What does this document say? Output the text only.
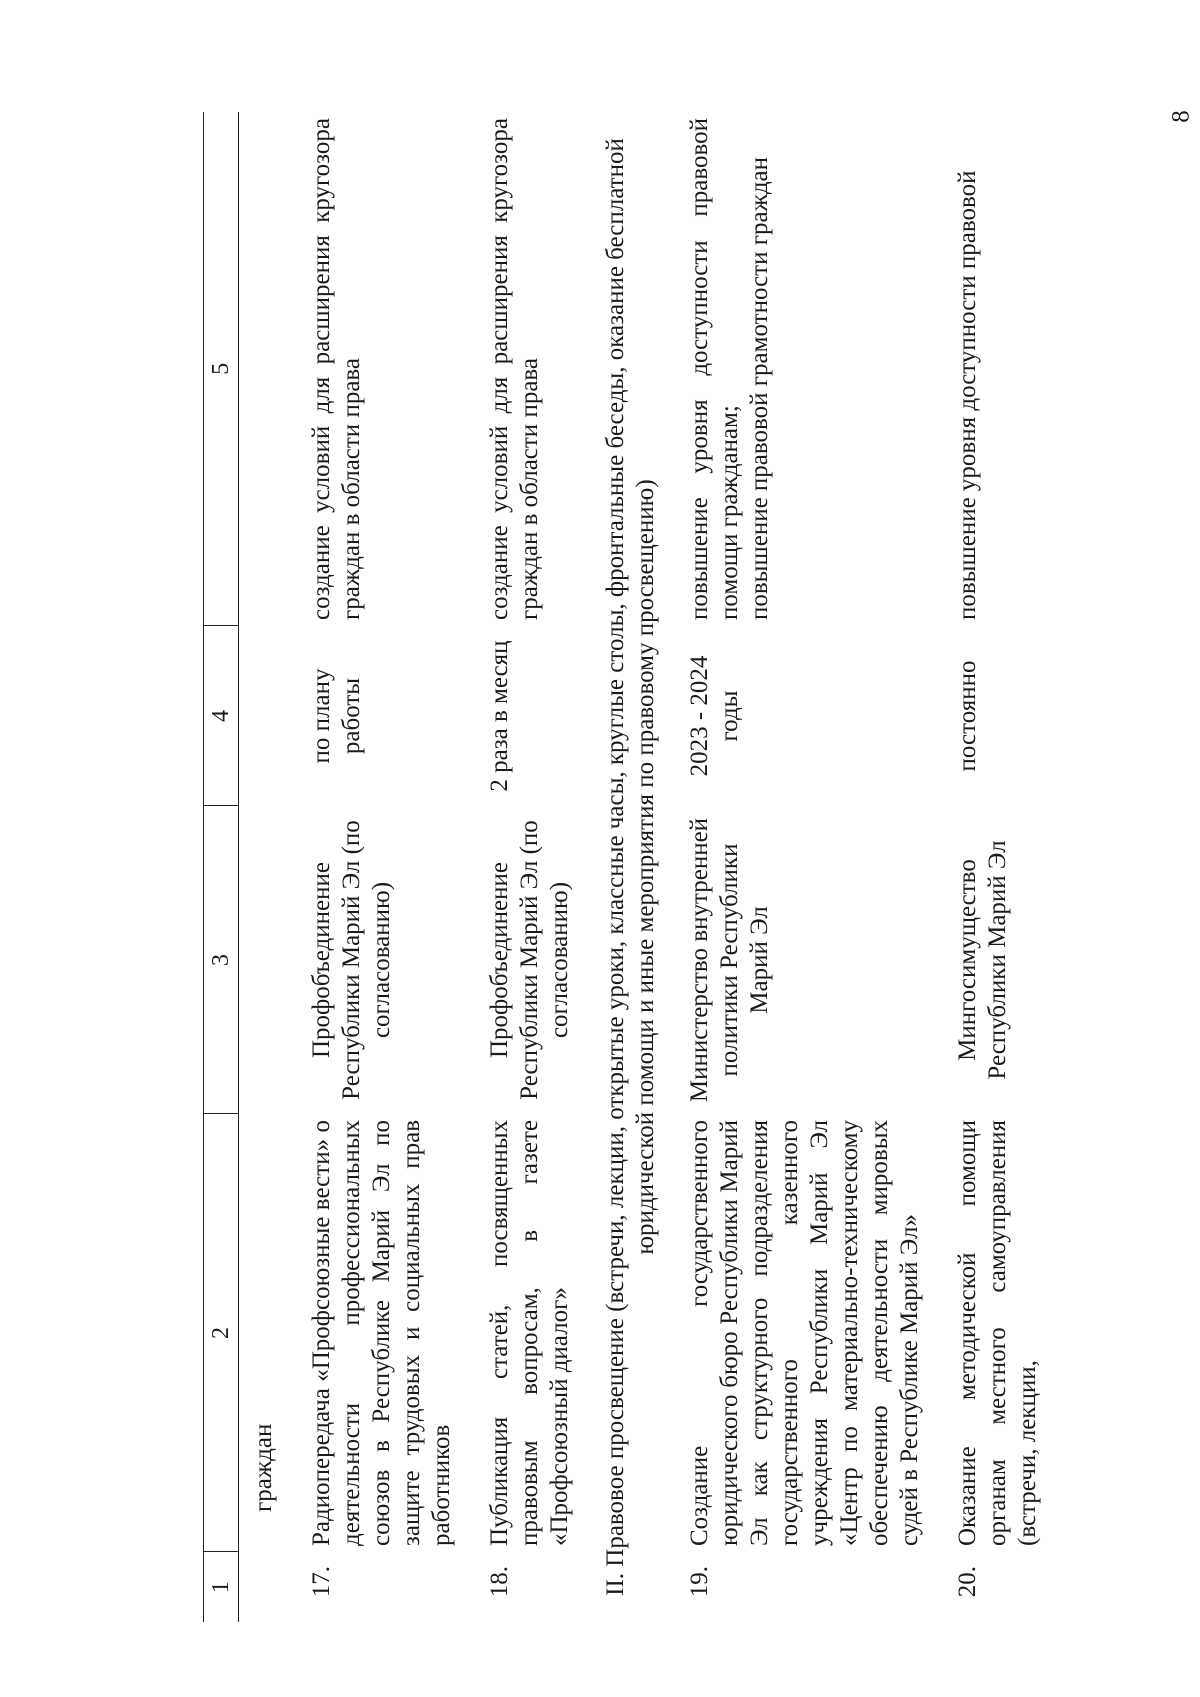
8
1	2	3	4	5
	граждан			
17.	Радиопередача «Профсоюзные вести» о деятельности профессиональных союзов в Республике Марий Эл по защите трудовых и социальных прав работников	Профобъединение Республики Марий Эл (по согласованию)	по плану работы	создание условий для расширения кругозора граждан в области права
18.	Публикация статей, посвященных правовым вопросам, в газете «Профсоюзный диалог»	Профобъединение Республики Марий Эл (по согласованию)	2 раза в месяц	создание условий для расширения кругозора граждан в области права
II. Правовое просвещение (встречи, лекции, открытые уроки, классные часы, круглые столы, фронтальные беседы, оказание бесплатной юридической помощи и иные мероприятия по правовому просвещению)				
19.	Создание государственного юридического бюро Республики Марий Эл как структурного подразделения государственного казенного учреждения Республики Марий Эл «Центр по материально-техническому обеспечению деятельности мировых судей в Республике Марий Эл»	Министерство внутренней политики Республики Марий Эл	2023 - 2024 годы	повышение уровня доступности правовой помощи гражданам; повышение правовой грамотности граждан

20.	Оказание методической помощи органам местного самоуправления (встречи, лекции,	Мингосимущество Республики Марий Эл	постоянно	повышение уровня доступности правовой
